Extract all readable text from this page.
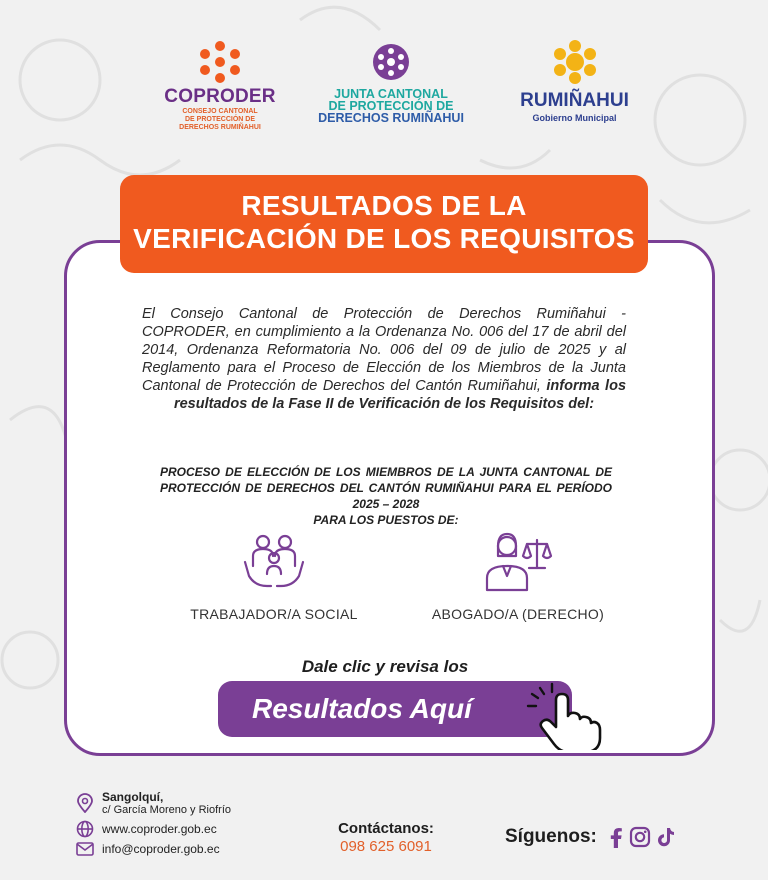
COPRODER
CONSEJO CANTONAL
DE PROTECCIÓN DE
DERECHOS RUMIÑAHUI
JUNTA CANTONAL
DE PROTECCIÓN DE
DERECHOS RUMIÑAHUI
RUMIÑAHUI
Gobierno Municipal
RESULTADOS DE LA
VERIFICACIÓN DE LOS REQUISITOS
El Consejo Cantonal de Protección de Derechos Rumiñahui - COPRODER, en cumplimiento a la Ordenanza No. 006 del 17 de abril del 2014, Ordenanza Reformatoria No. 006 del 09 de julio de 2025 y al Reglamento para el Proceso de Elección de los Miembros de la Junta Cantonal de Protección de Derechos del Cantón Rumiñahui, informa los resultados de la Fase II de Verificación de los Requisitos del:
PROCESO DE ELECCIÓN DE LOS MIEMBROS DE LA JUNTA CANTONAL DE PROTECCIÓN DE DERECHOS DEL CANTÓN RUMIÑAHUI PARA EL PERÍODO 2025 – 2028
PARA LOS PUESTOS DE:
TRABAJADOR/A SOCIAL	ABOGADO/A (DERECHO)
Dale clic y revisa los
Resultados Aquí
Sangolquí,
c/ García Moreno y Riofrío
www.coproder.gob.ec
info@coproder.gob.ec
Contáctanos:
098 625 6091	Síguenos:
